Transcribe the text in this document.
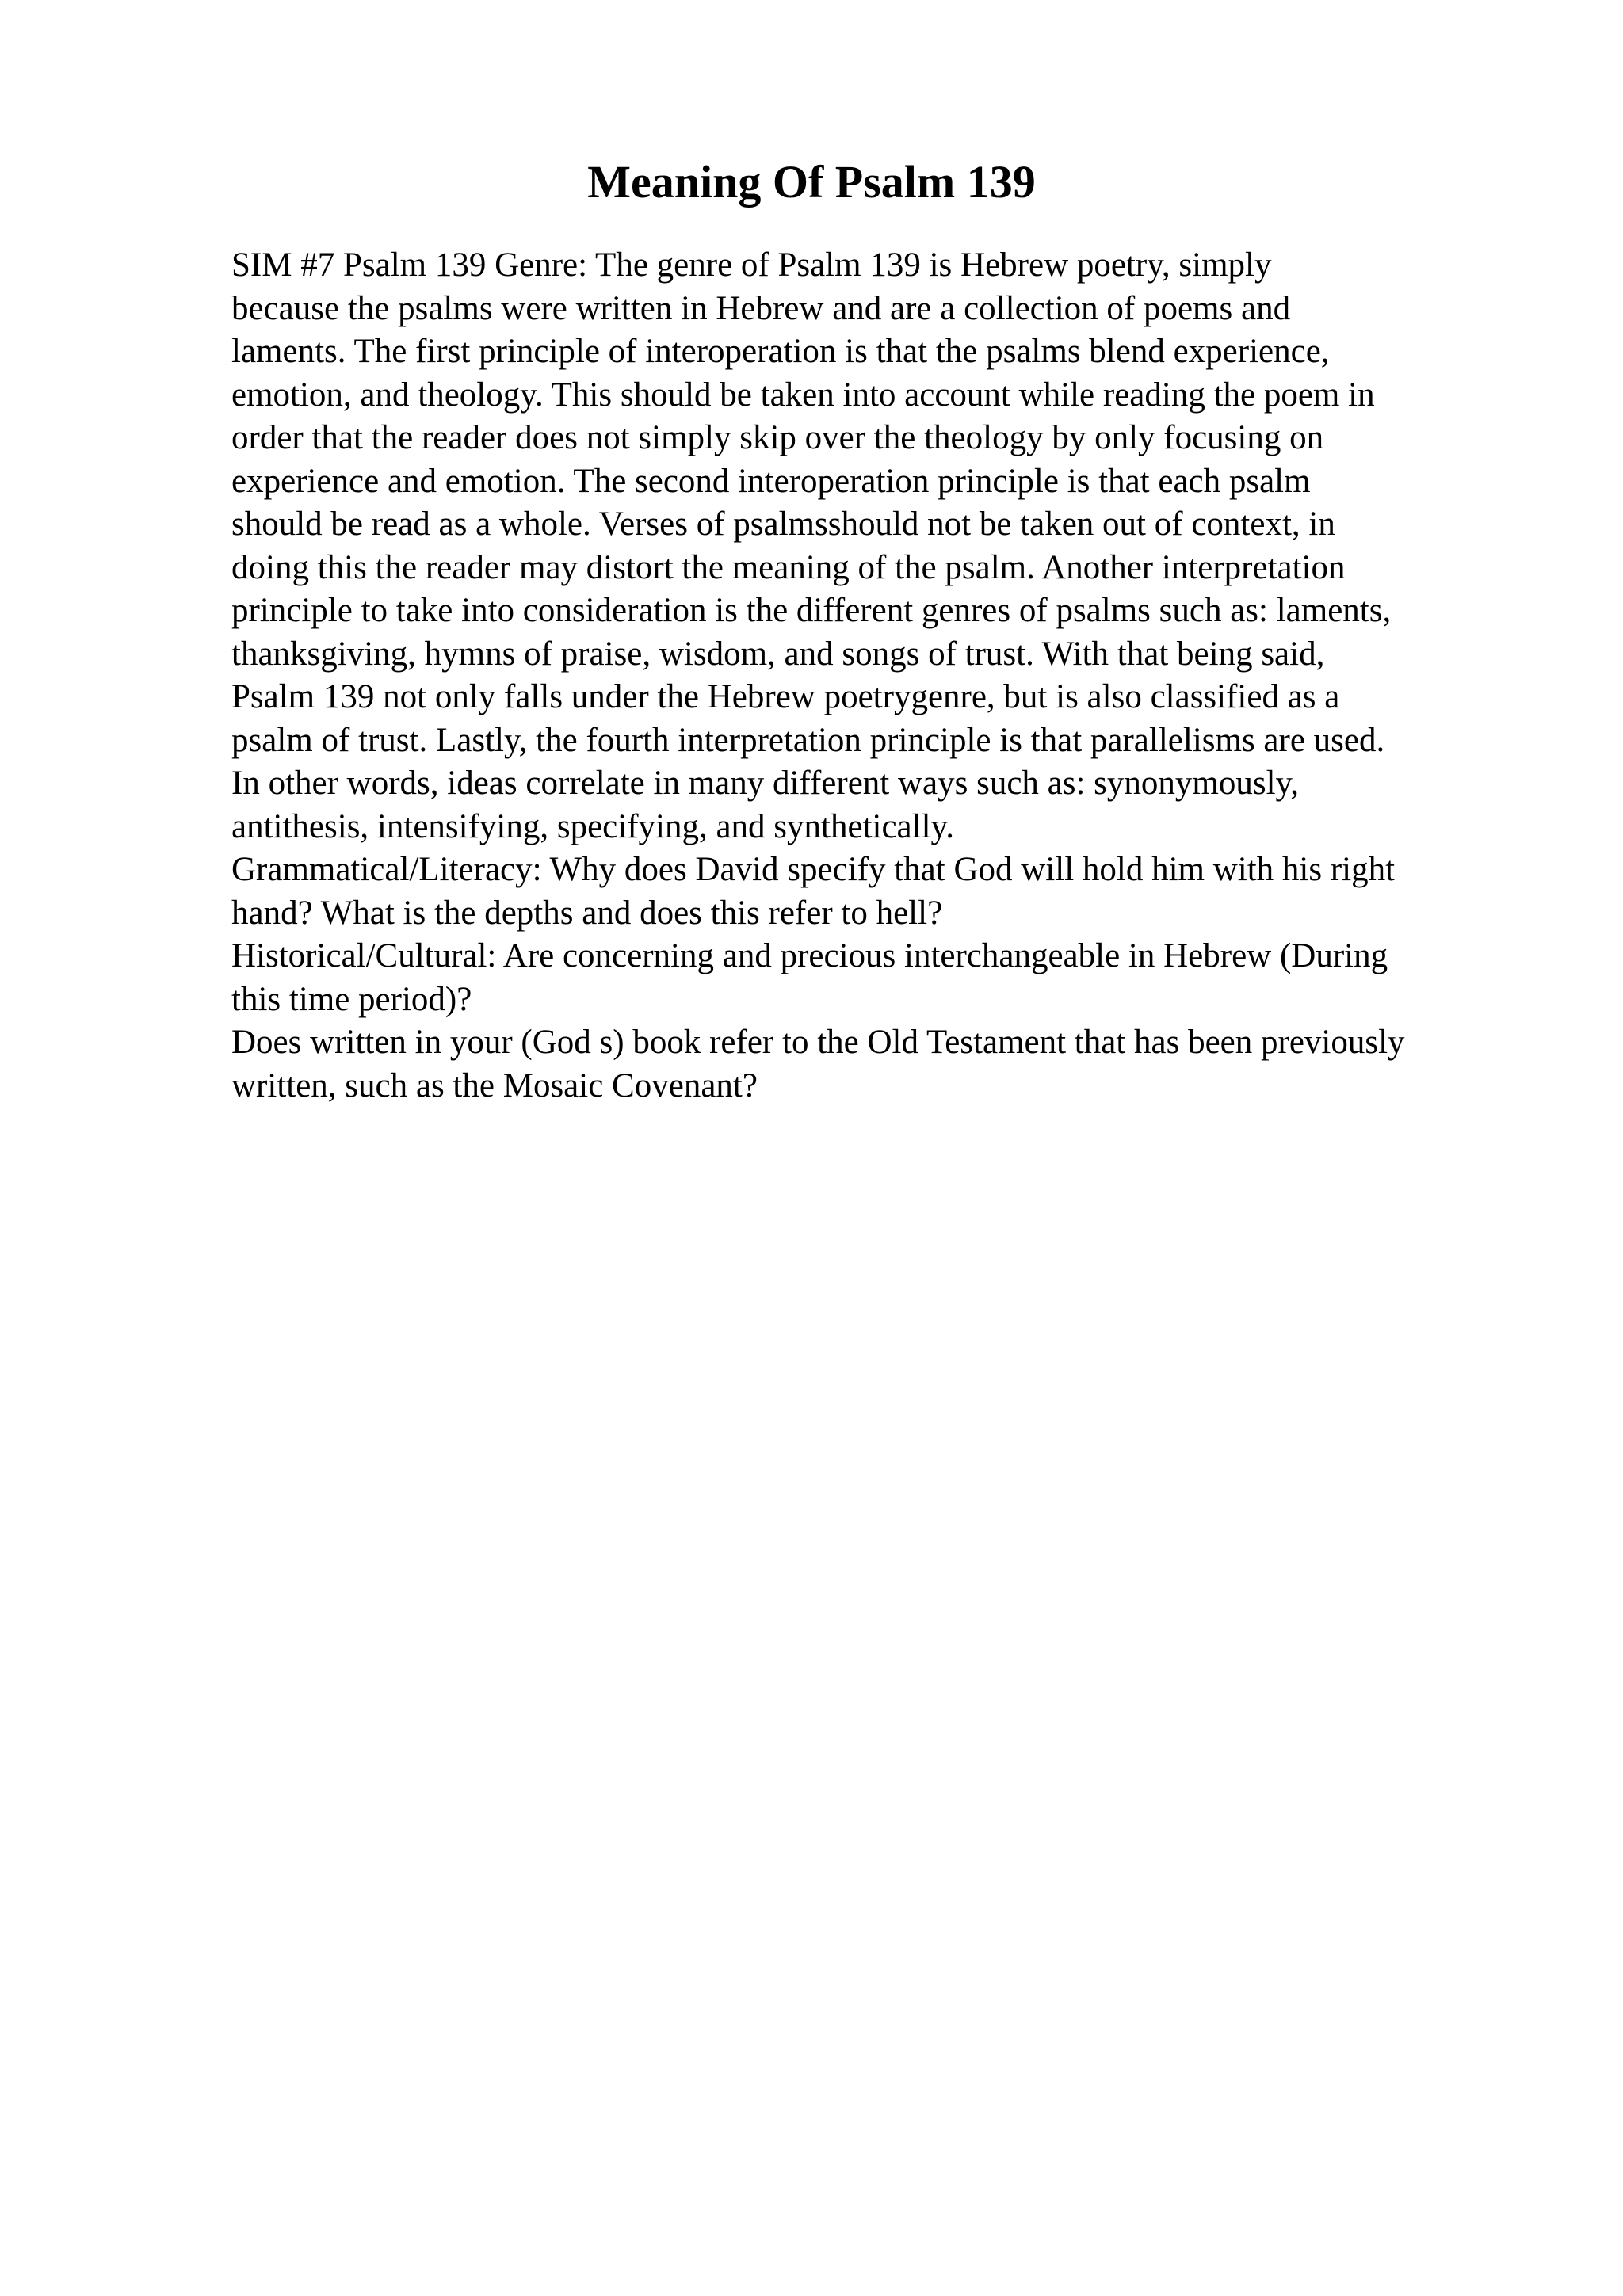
Meaning Of Psalm 139
SIM #7 Psalm 139 Genre: The genre of Psalm 139 is Hebrew poetry, simply
because the psalms were written in Hebrew and are a collection of poems and
laments. The first principle of interoperation is that the psalms blend experience,
emotion, and theology. This should be taken into account while reading the poem in
order that the reader does not simply skip over the theology by only focusing on
experience and emotion. The second interoperation principle is that each psalm
should be read as a whole. Verses of psalmsshould not be taken out of context, in
doing this the reader may distort the meaning of the psalm. Another interpretation
principle to take into consideration is the different genres of psalms such as: laments,
thanksgiving, hymns of praise, wisdom, and songs of trust. With that being said,
Psalm 139 not only falls under the Hebrew poetrygenre, but is also classified as a
psalm of trust. Lastly, the fourth interpretation principle is that parallelisms are used.
In other words, ideas correlate in many different ways such as: synonymously,
antithesis, intensifying, specifying, and synthetically.
Grammatical/Literacy: Why does David specify that God will hold him with his right
hand? What is the depths and does this refer to hell?
Historical/Cultural: Are concerning and precious interchangeable in Hebrew (During
this time period)?
Does written in your (God s) book refer to the Old Testament that has been previously
written, such as the Mosaic Covenant?
